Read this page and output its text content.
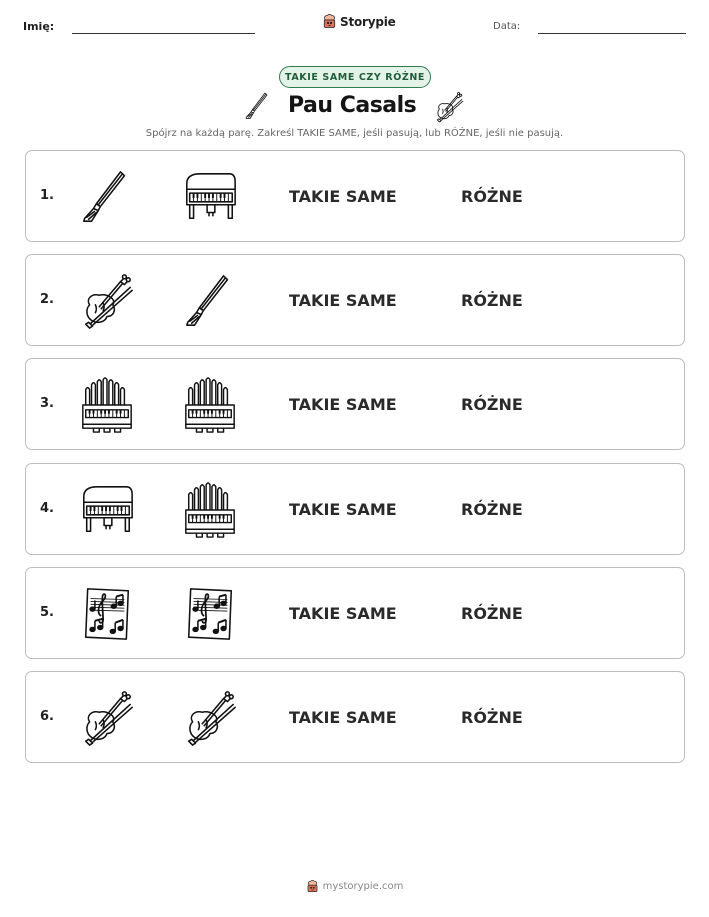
Imię:	Storypie	Data:
TAKIE SAME CZY RÓŻNE
Pau Casals
Spójrz na każdą parę. Zakreśl TAKIE SAME, jeśli pasują, lub RÓŻNE, jeśli nie pasują.
1.	TAKIE SAME	RÓŻNE
2.	TAKIE SAME	RÓŻNE
3.	TAKIE SAME	RÓŻNE
4.	TAKIE SAME	RÓŻNE
5.	TAKIE SAME	RÓŻNE
6.	TAKIE SAME	RÓŻNE
mystorypie.com
